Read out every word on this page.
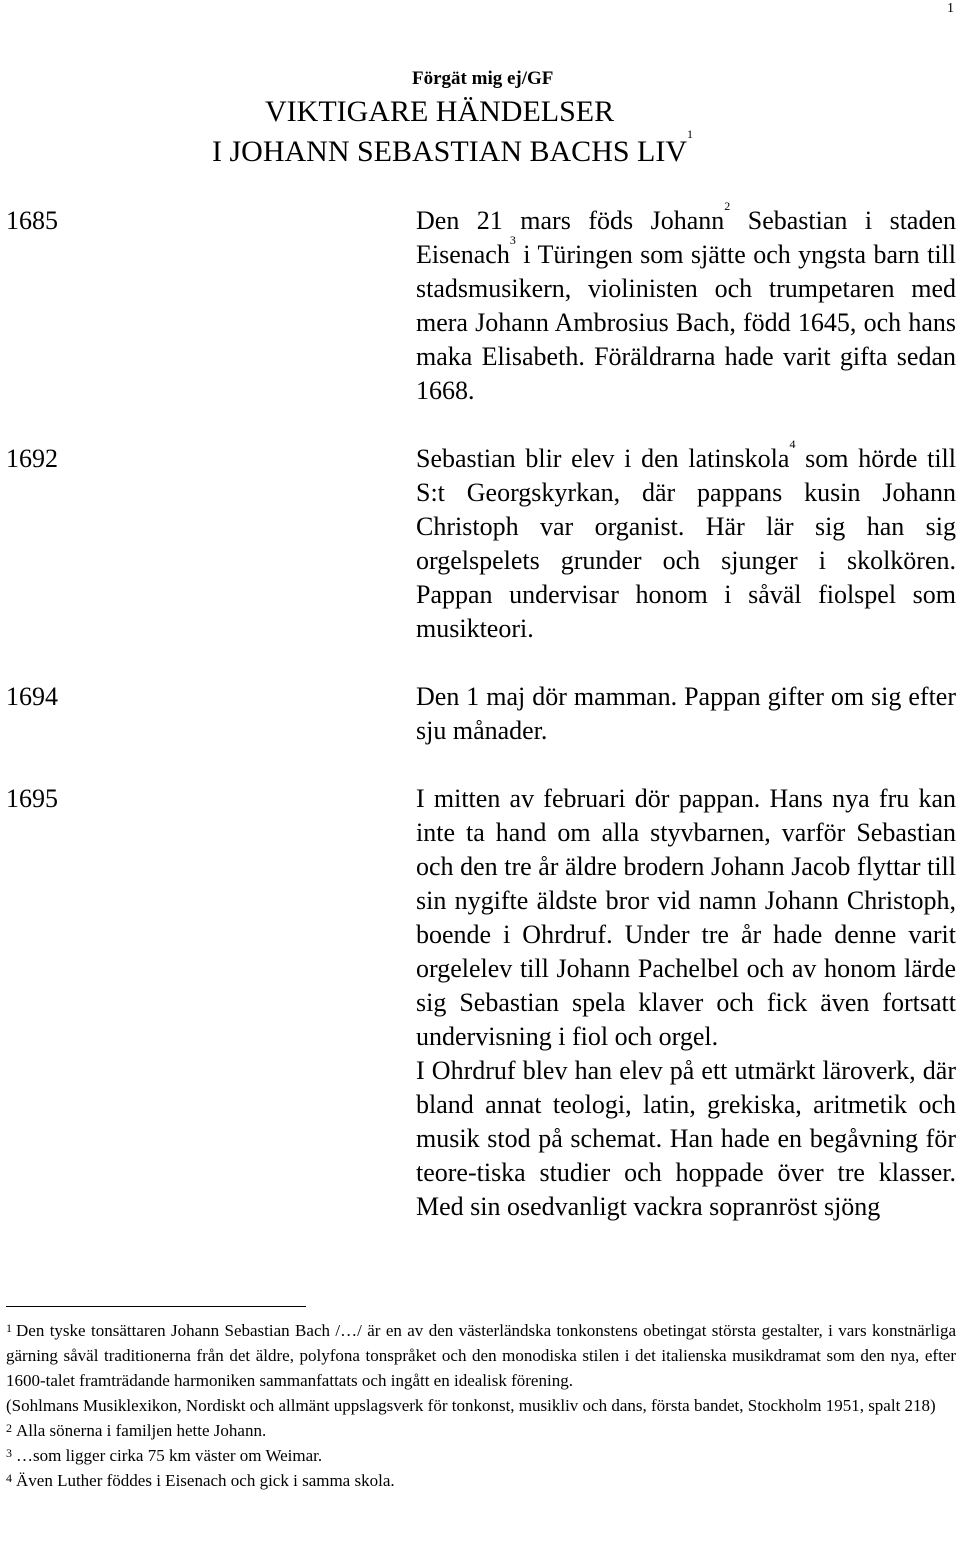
1
Förgät mig ej/GF
VIKTIGARE HÄNDELSER
I JOHANN SEBASTIAN BACHS LIV$^1$
1685	Den 21 mars föds Johann$^2$ Sebastian i staden Eisenach$^3$ i Türingen som sjätte och yngsta barn till stadsmusikern, violinisten och trumpetaren med mera Johann Ambrosius Bach, född 1645, och hans maka Elisabeth. Föräldrarna hade varit gifta sedan 1668.

1692	Sebastian blir elev i den latinskola$^4$ som hörde till S:t Georgskyrkan, där pappans kusin Johann Christoph var organist. Här lär sig han sig orgelspelets grunder och sjunger i skolkören. Pappan undervisar honom i såväl fiolspel som musikteori.

1694	Den 1 maj dör mamman. Pappan gifter om sig efter sju månader.

1695	I mitten av februari dör pappan. Hans nya fru kan inte ta hand om alla styvbarnen, varför Sebastian och den tre år äldre brodern Johann Jacob flyttar till sin nygifte äldste bror vid namn Johann Christoph, boende i Ohrdruf. Under tre år hade denne varit orgelelev till Johann Pachelbel och av honom lärde sig Sebastian spela klaver och fick även fortsatt undervisning i fiol och orgel.

I Ohrdruf blev han elev på ett utmärkt läroverk, där bland annat teologi, latin, grekiska, aritmetik och musik stod på schemat. Han hade en begåvning för teore-tiska studier och hoppade över tre klasser. Med sin osedvanligt vackra sopranröst sjöng

$^1$ Den tyske tonsättaren Johann Sebastian Bach /…/ är en av den västerländska tonkonstens obetingat största gestalter, i vars konstnärliga gärning såväl traditionerna från det äldre, polyfona tonspråket och den monodiska stilen i det italienska musikdramat som den nya, efter 1600-talet framträdande harmoniken sammanfattats och ingått en idealisk förening.

(Sohlmans Musiklexikon, Nordiskt och allmänt uppslagsverk för tonkonst, musikliv och dans, första bandet, Stockholm 1951, spalt 218)

$^2$ Alla sönerna i familjen hette Johann.

$^3$ …som ligger cirka 75 km väster om Weimar.

$^4$ Även Luther föddes i Eisenach och gick i samma skola.
